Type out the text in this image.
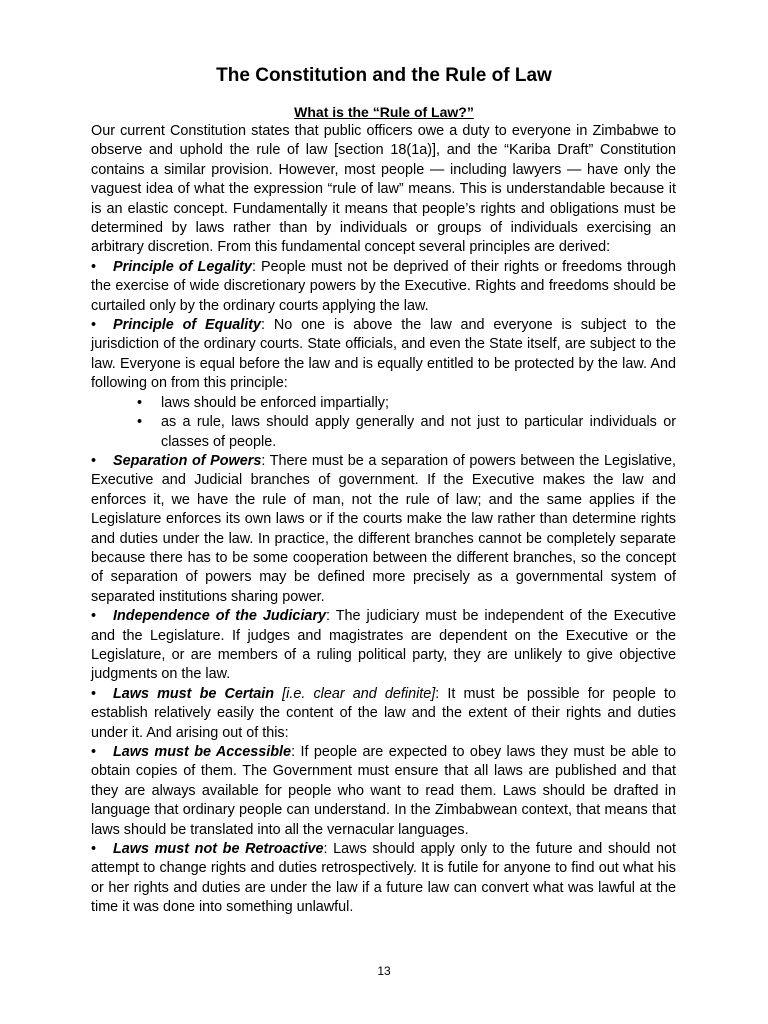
The Constitution and the Rule of Law
What is the “Rule of Law?”

Our current Constitution states that public officers owe a duty to everyone in Zimbabwe to observe and uphold the rule of law [section 18(1a)], and the “Kariba Draft” Constitution contains a similar provision. However, most people — including lawyers — have only the vaguest idea of what the expression “rule of law” means. This is understandable because it is an elastic concept. Fundamentally it means that people’s rights and obligations must be determined by laws rather than by individuals or groups of individuals exercising an arbitrary discretion. From this fundamental concept several principles are derived:

• Principle of Legality: People must not be deprived of their rights or freedoms through the exercise of wide discretionary powers by the Executive. Rights and freedoms should be curtailed only by the ordinary courts applying the law.

• Principle of Equality: No one is above the law and everyone is subject to the jurisdiction of the ordinary courts. State officials, and even the State itself, are subject to the law. Everyone is equal before the law and is equally entitled to be protected by the law. And following on from this principle:

• laws should be enforced impartially;
• as a rule, laws should apply generally and not just to particular individuals or classes of people.

• Separation of Powers: There must be a separation of powers between the Legislative, Executive and Judicial branches of government. If the Executive makes the law and enforces it, we have the rule of man, not the rule of law; and the same applies if the Legislature enforces its own laws or if the courts make the law rather than determine rights and duties under the law. In practice, the different branches cannot be completely separate because there has to be some cooperation between the different branches, so the concept of separation of powers may be defined more precisely as a governmental system of separated institutions sharing power.

• Independence of the Judiciary: The judiciary must be independent of the Executive and the Legislature. If judges and magistrates are dependent on the Executive or the Legislature, or are members of a ruling political party, they are unlikely to give objective judgments on the law.

• Laws must be Certain [i.e. clear and definite]: It must be possible for people to establish relatively easily the content of the law and the extent of their rights and duties under it. And arising out of this:

• Laws must be Accessible: If people are expected to obey laws they must be able to obtain copies of them. The Government must ensure that all laws are published and that they are always available for people who want to read them. Laws should be drafted in language that ordinary people can understand. In the Zimbabwean context, that means that laws should be translated into all the vernacular languages.

• Laws must not be Retroactive: Laws should apply only to the future and should not attempt to change rights and duties retrospectively. It is futile for anyone to find out what his or her rights and duties are under the law if a future law can convert what was lawful at the time it was done into something unlawful.

13
